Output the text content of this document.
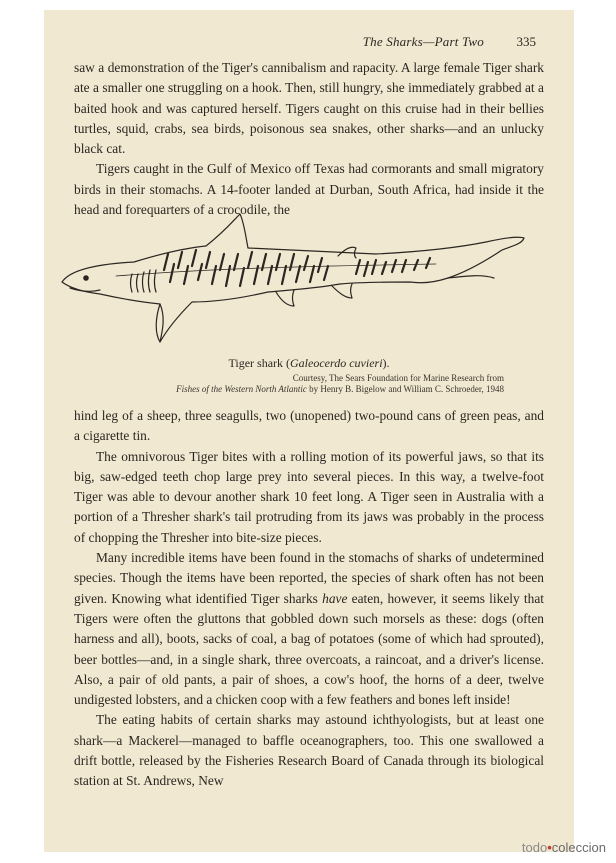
The Sharks—Part Two	335

saw a demonstration of the Tiger's cannibalism and rapacity. A large female Tiger shark ate a smaller one struggling on a hook. Then, still hungry, she immediately grabbed at a baited hook and was captured herself. Tigers caught on this cruise had in their bellies turtles, squid, crabs, sea birds, poisonous sea snakes, other sharks—and an unlucky black cat.

Tigers caught in the Gulf of Mexico off Texas had cormorants and small migratory birds in their stomachs. A 14-footer landed at Durban, South Africa, had inside it the head and forequarters of a crocodile, the

Tiger shark (Galeocerdo cuvieri).
Courtesy, The Sears Foundation for Marine Research from
Fishes of the Western North Atlantic by Henry B. Bigelow and William C. Schroeder, 1948

hind leg of a sheep, three seagulls, two (unopened) two-pound cans of green peas, and a cigarette tin.

The omnivorous Tiger bites with a rolling motion of its powerful jaws, so that its big, saw-edged teeth chop large prey into several pieces. In this way, a twelve-foot Tiger was able to devour another shark 10 feet long. A Tiger seen in Australia with a portion of a Thresher shark's tail protruding from its jaws was probably in the process of chopping the Thresher into bite-size pieces.

Many incredible items have been found in the stomachs of sharks of undetermined species. Though the items have been reported, the species of shark often has not been given. Knowing what identified Tiger sharks have eaten, however, it seems likely that Tigers were often the gluttons that gobbled down such morsels as these: dogs (often harness and all), boots, sacks of coal, a bag of potatoes (some of which had sprouted), beer bottles—and, in a single shark, three overcoats, a raincoat, and a driver's license. Also, a pair of old pants, a pair of shoes, a cow's hoof, the horns of a deer, twelve undigested lobsters, and a chicken coop with a few feathers and bones left inside!

The eating habits of certain sharks may astound ichthyologists, but at least one shark—a Mackerel—managed to baffle oceanographers, too. This one swallowed a drift bottle, released by the Fisheries Research Board of Canada through its biological station at St. Andrews, New

todo•coleccion
